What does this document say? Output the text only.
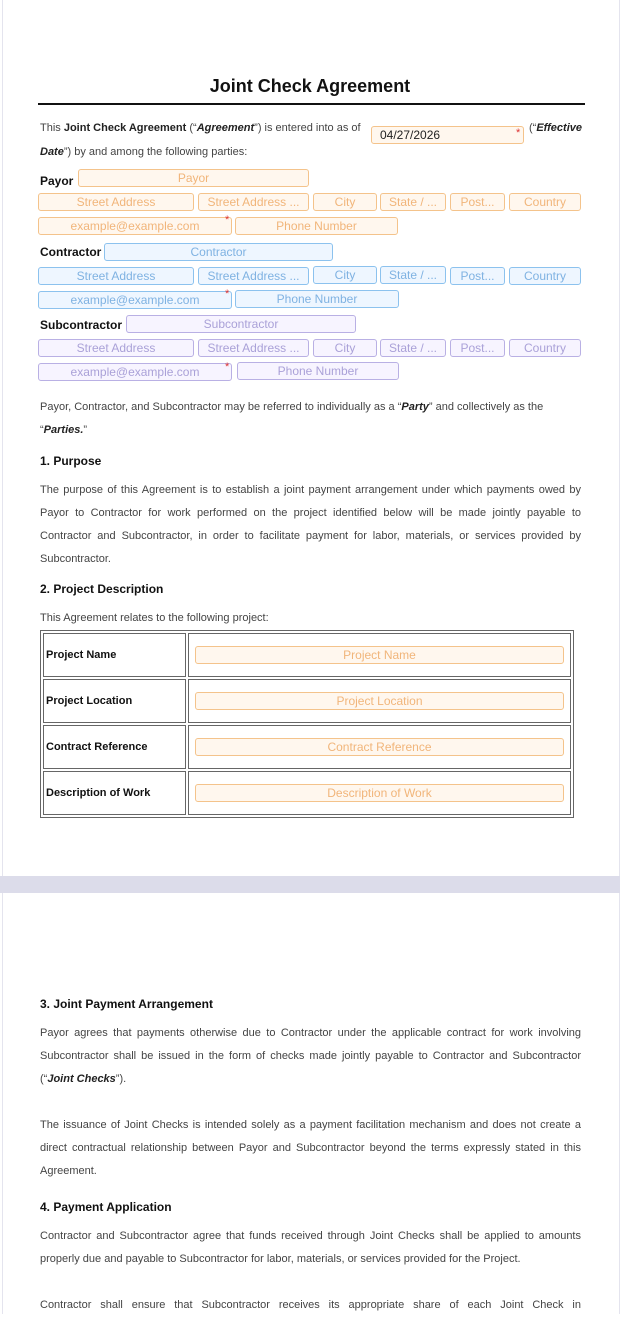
Joint Check Agreement
This Joint Check Agreement (“Agreement”) is entered into as of	04/27/2026	* (“Effective
Date”) by and among the following parties:
Payor	Payor
Street Address	Street Address ...	City	State / ...	Post...	Country
example@example.com	*	Phone Number
Contractor	Contractor
Street Address	Street Address ...	City	State / ...	Post...	Country
example@example.com	*	Phone Number
Subcontractor	Subcontractor
Street Address	Street Address ...	City	State / ...	Post...	Country
example@example.com	*	Phone Number
Payor, Contractor, and Subcontractor may be referred to individually as a “Party” and collectively as the
“Parties.”
1. Purpose
The purpose of this Agreement is to establish a joint payment arrangement under which payments owed by Payor to Contractor for work performed on the project identified below will be made jointly payable to Contractor and Subcontractor, in order to facilitate payment for labor, materials, or services provided by Subcontractor.
2. Project Description
This Agreement relates to the following project:
Project Name	Project Name

Project Location	Project Location

Contract Reference	Contract Reference

Description of Work	Description of Work
3. Joint Payment Arrangement
Payor agrees that payments otherwise due to Contractor under the applicable contract for work involving Subcontractor shall be issued in the form of checks made jointly payable to Contractor and Subcontractor (“Joint Checks”).
The issuance of Joint Checks is intended solely as a payment facilitation mechanism and does not create a direct contractual relationship between Payor and Subcontractor beyond the terms expressly stated in this Agreement.
4. Payment Application
Contractor and Subcontractor agree that funds received through Joint Checks shall be applied to amounts properly due and payable to Subcontractor for labor, materials, or services provided for the Project.
Contractor shall ensure that Subcontractor receives its appropriate share of each Joint Check in
